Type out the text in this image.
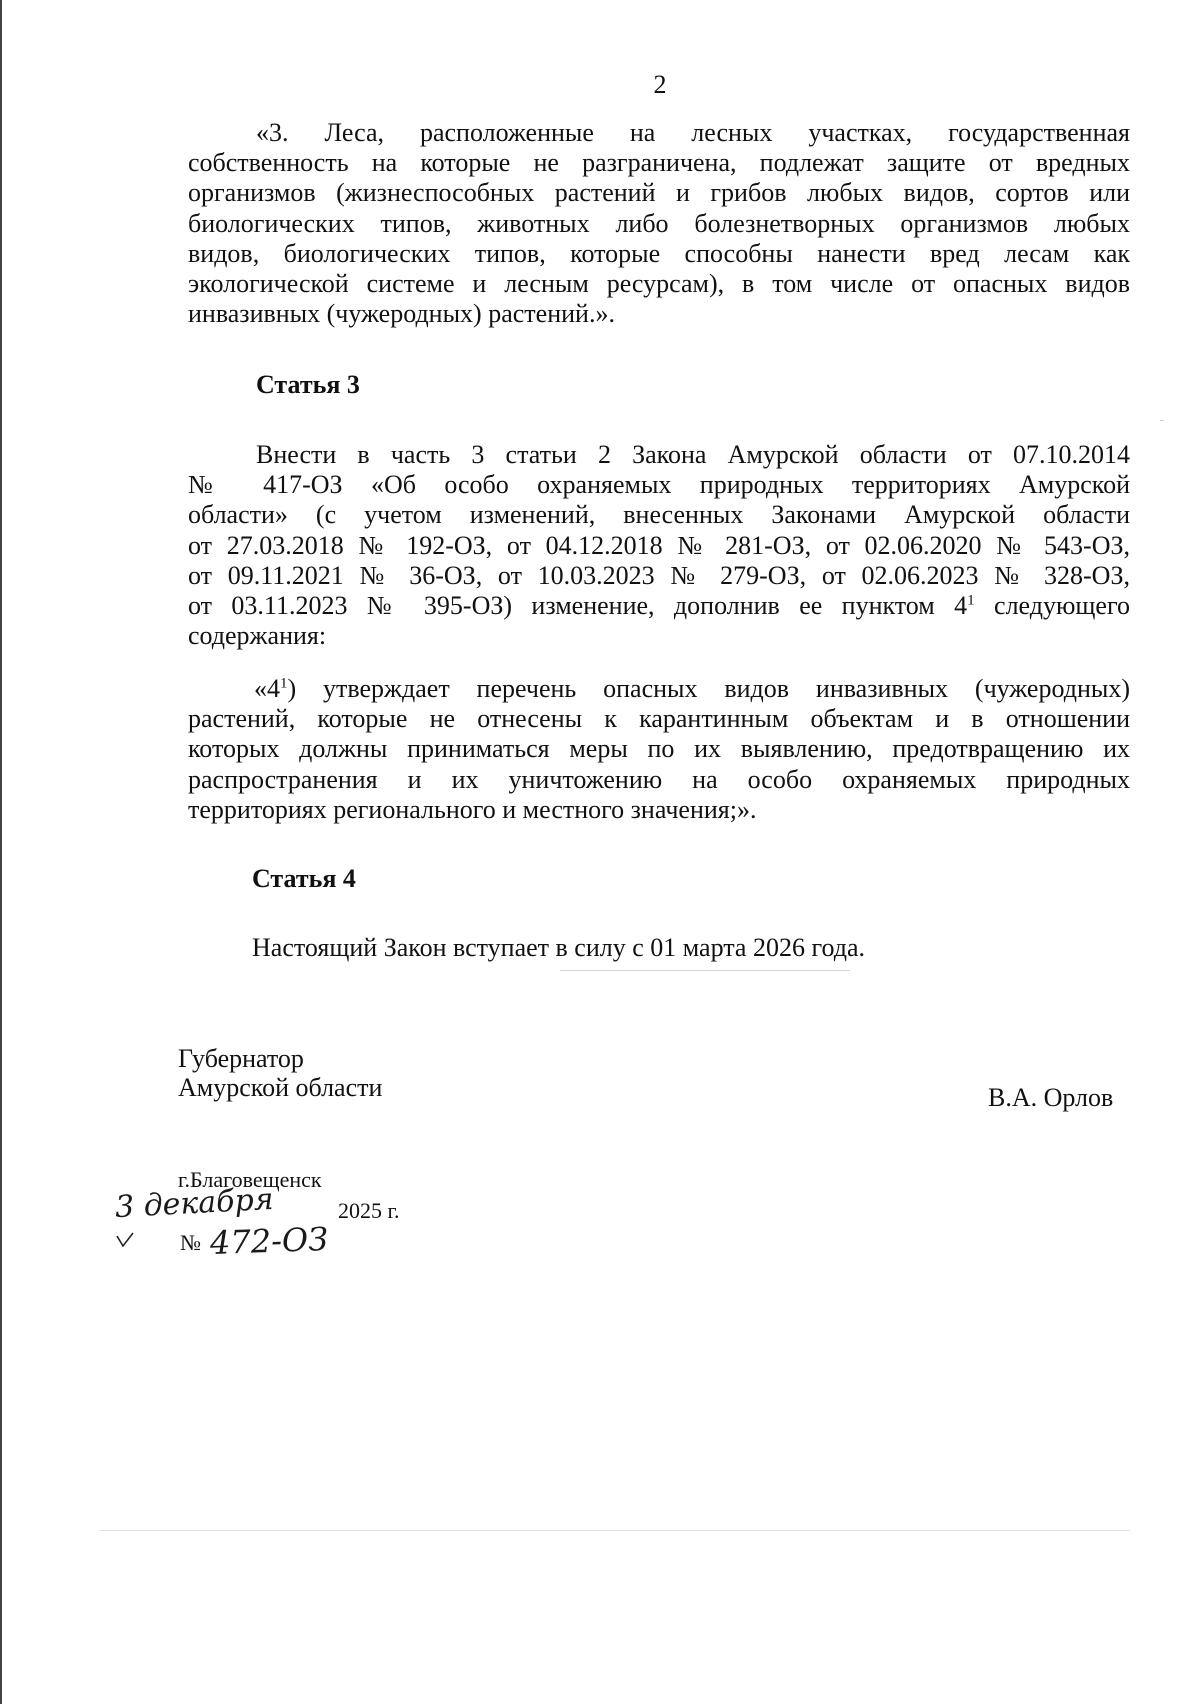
2
«3. Леса, расположенные на лесных участках, государственная
собственность на которые не разграничена, подлежат защите от вредных
организмов (жизнеспособных растений и грибов любых видов, сортов или
биологических типов, животных либо болезнетворных организмов любых
видов, биологических типов, которые способны нанести вред лесам как
экологической системе и лесным ресурсам), в том числе от опасных видов
инвазивных (чужеродных) растений.».
Статья 3
Внести в часть 3 статьи 2 Закона Амурской области от 07.10.2014
№ 417-ОЗ «Об особо охраняемых природных территориях Амурской
области» (с учетом изменений, внесенных Законами Амурской области
от 27.03.2018 № 192-ОЗ, от 04.12.2018 № 281-ОЗ, от 02.06.2020 № 543-ОЗ,
от 09.11.2021 № 36-ОЗ, от 10.03.2023 № 279-ОЗ, от 02.06.2023 № 328-ОЗ,
от 03.11.2023 № 395-ОЗ) изменение, дополнив ее пунктом $4^1$ следующего
содержания:
«$4^1$) утверждает перечень опасных видов инвазивных (чужеродных)
растений, которые не отнесены к карантинным объектам и в отношении
которых должны приниматься меры по их выявлению, предотвращению их
распространения и их уничтожению на особо охраняемых природных
территориях регионального и местного значения;».
Статья 4
Настоящий Закон вступает в силу с 01 марта 2026 года.
Губернатор
Амурской области	В.А. Орлов
г.Благовещенск
3 декабря	2025 г.
№ 472-ОЗ
